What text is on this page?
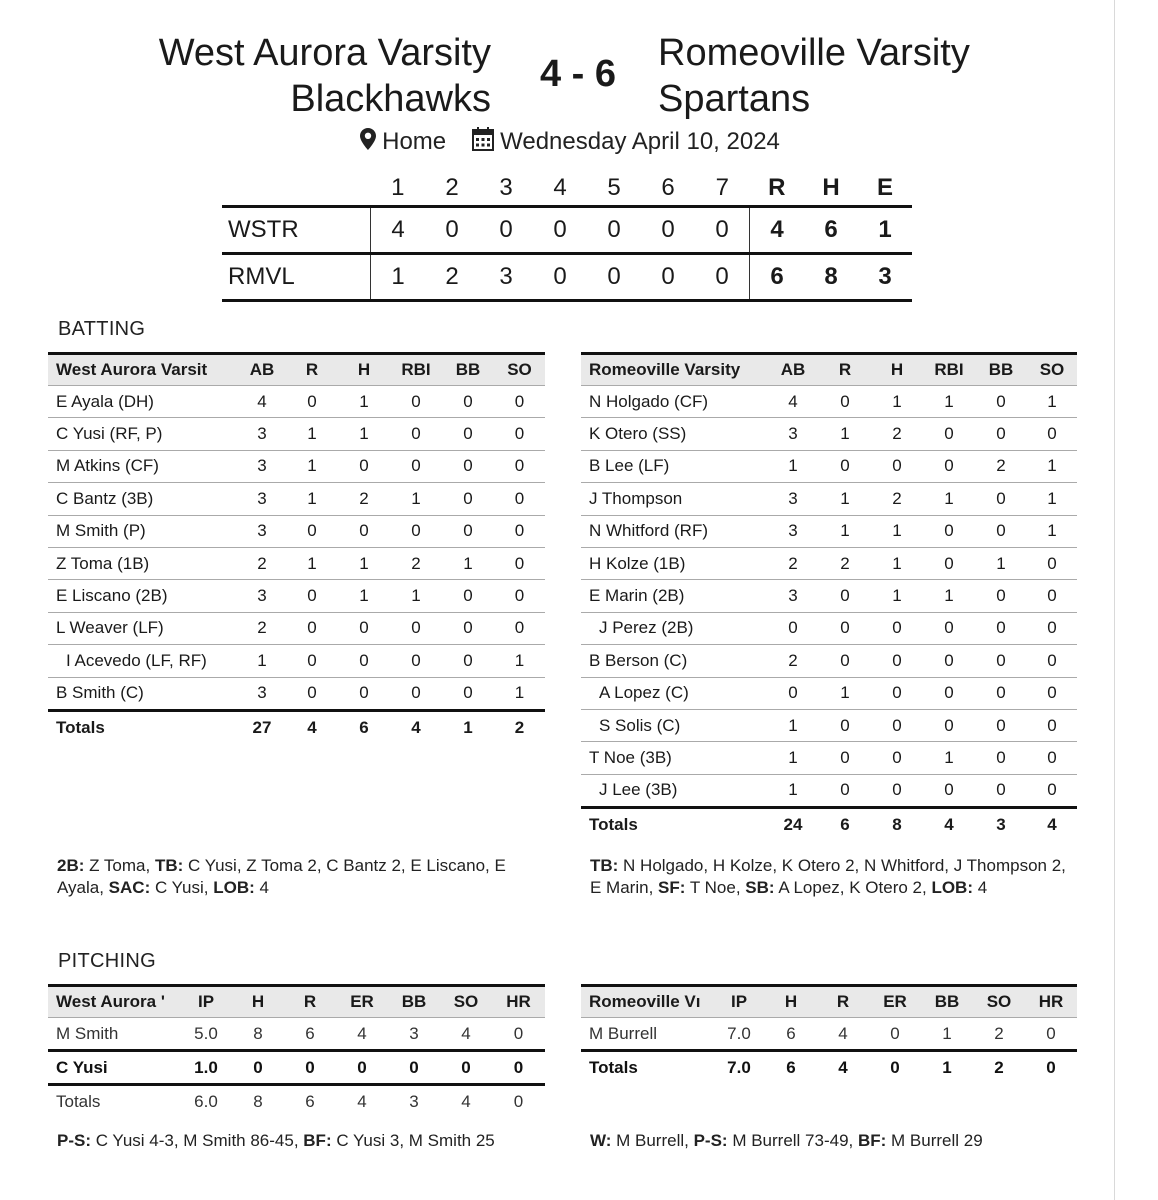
West Aurora Varsity
Blackhawks
4 - 6	Romeoville Varsity
Spartans
Home Wednesday April 10, 2024
	1	2	3	4	5	6	7	R	H	E
WSTR	4	0	0	0	0	0	0	4	6	1
RMVL	1	2	3	0	0	0	0	6	8	3
BATTING
West Aurora Varsit	AB	R	H	RBI	BB	SO
E Ayala (DH)	4	0	1	0	0	0
C Yusi (RF, P)	3	1	1	0	0	0
M Atkins (CF)	3	1	0	0	0	0
C Bantz (3B)	3	1	2	1	0	0
M Smith (P)	3	0	0	0	0	0
Z Toma (1B)	2	1	1	2	1	0
E Liscano (2B)	3	0	1	1	0	0
L Weaver (LF)	2	0	0	0	0	0
I Acevedo (LF, RF)	1	0	0	0	0	1
B Smith (C)	3	0	0	0	0	1
Totals	27	4	6	4	1	2
Romeoville Varsity	AB	R	H	RBI	BB	SO
N Holgado (CF)	4	0	1	1	0	1
K Otero (SS)	3	1	2	0	0	0
B Lee (LF)	1	0	0	0	2	1
J Thompson	3	1	2	1	0	1
N Whitford (RF)	3	1	1	0	0	1
H Kolze (1B)	2	2	1	0	1	0
E Marin (2B)	3	0	1	1	0	0
J Perez (2B)	0	0	0	0	0	0
B Berson (C)	2	0	0	0	0	0
A Lopez (C)	0	1	0	0	0	0
S Solis (C)	1	0	0	0	0	0
T Noe (3B)	1	0	0	1	0	0
J Lee (3B)	1	0	0	0	0	0
Totals	24	6	8	4	3	4
2B: Z Toma, TB: C Yusi, Z Toma 2, C Bantz 2, E Liscano, E Ayala, SAC: C Yusi, LOB: 4
TB: N Holgado, H Kolze, K Otero 2, N Whitford, J Thompson 2, E Marin, SF: T Noe, SB: A Lopez, K Otero 2, LOB: 4
PITCHING
West Aurora '	IP	H	R	ER	BB	SO	HR
M Smith	5.0	8	6	4	3	4	0
C Yusi	1.0	0	0	0	0	0	0
Totals	6.0	8	6	4	3	4	0
Romeoville Vı	IP	H	R	ER	BB	SO	HR
M Burrell	7.0	6	4	0	1	2	0
Totals	7.0	6	4	0	1	2	0
P-S: C Yusi 4-3, M Smith 86-45, BF: C Yusi 3, M Smith 25	W: M Burrell, P-S: M Burrell 73-49, BF: M Burrell 29
